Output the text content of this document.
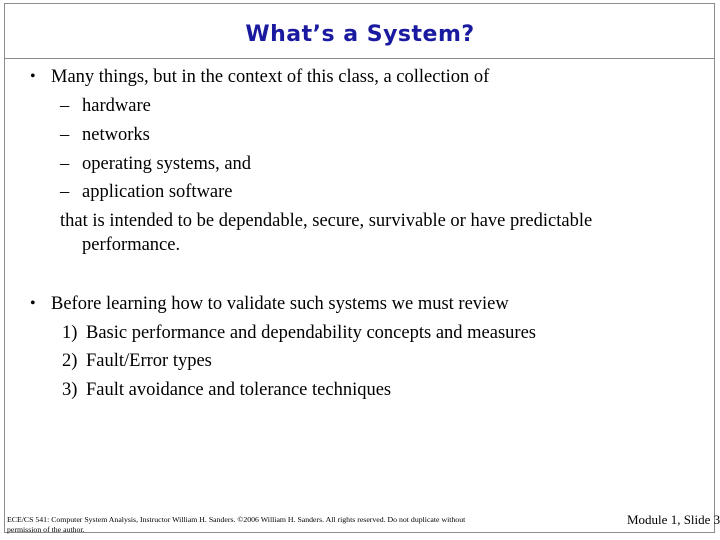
What’s a System?
• Many things, but in the context of this class, a collection of
– hardware
– networks
– operating systems, and
– application software
that is intended to be dependable, secure, survivable or have predictable
performance.
• Before learning how to validate such systems we must review
1) Basic performance and dependability concepts and measures
2) Fault/Error types
3) Fault avoidance and tolerance techniques
ECE/CS 541: Computer System Analysis, Instructor William H. Sanders. ©2006 William H. Sanders. All rights reserved. Do not duplicate without
permission of the author.
Module 1, Slide 3
